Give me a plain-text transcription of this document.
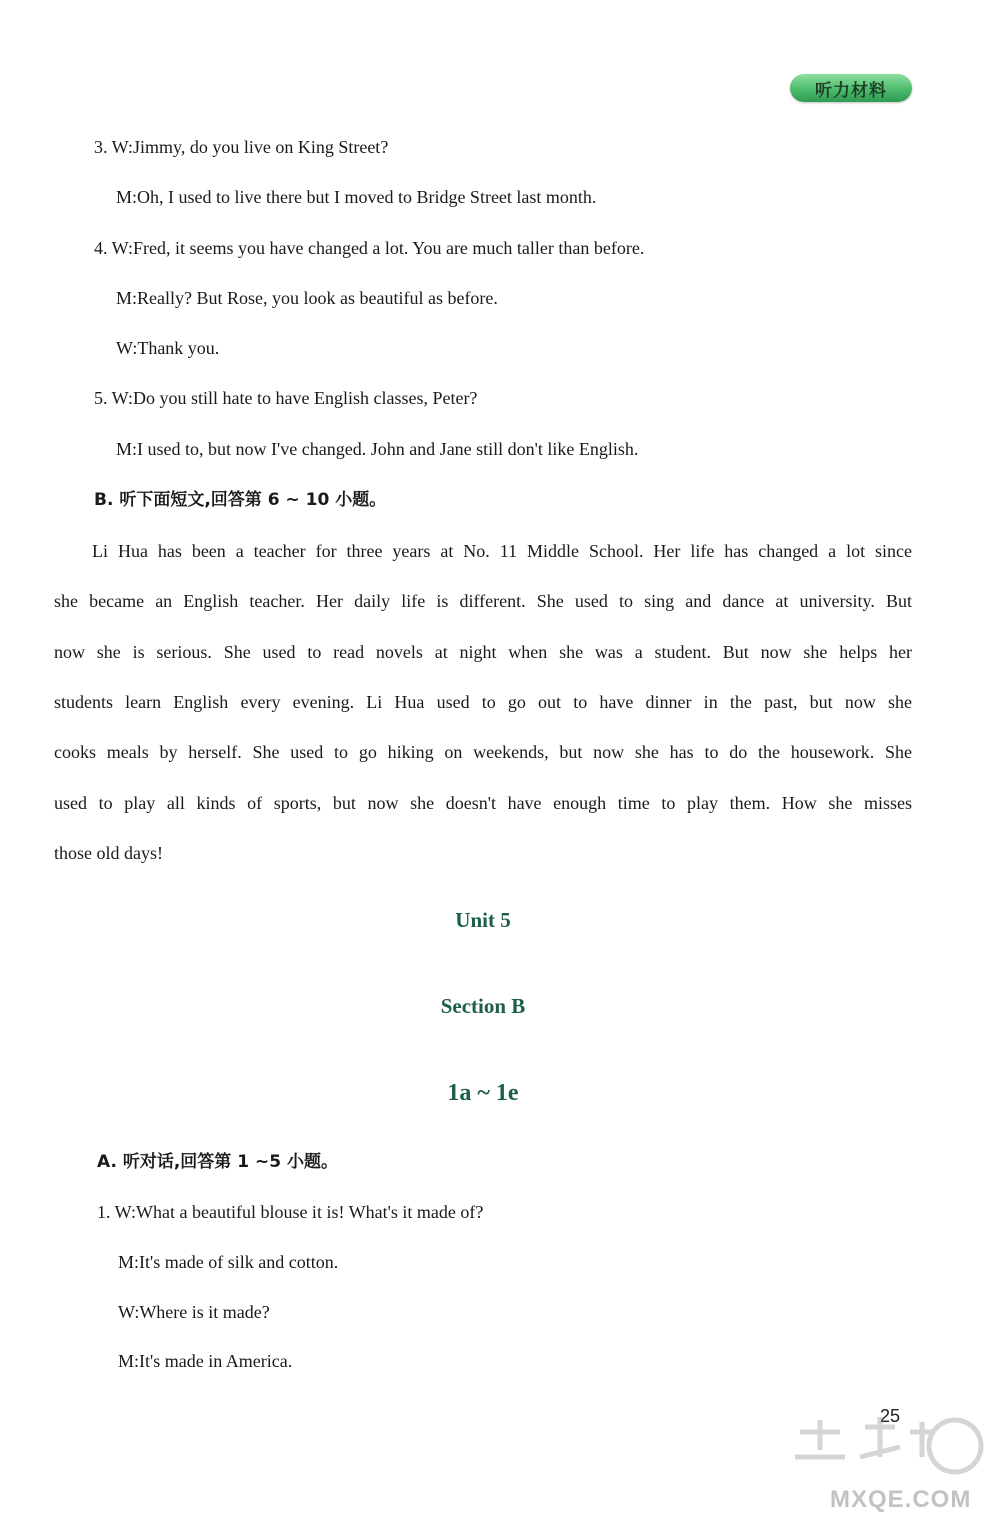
听力材料
3. W:Jimmy, do you live on King Street?
M:Oh, I used to live there but I moved to Bridge Street last month.
4. W:Fred, it seems you have changed a lot. You are much taller than before.
M:Really? But Rose, you look as beautiful as before.
W:Thank you.
5. W:Do you still hate to have English classes, Peter?
M:I used to, but now I've changed. John and Jane still don't like English.
B. 听下面短文,回答第 6 ~ 10 小题。
Li Hua has been a teacher for three years at No. 11 Middle School. Her life has changed a lot since
she became an English teacher. Her daily life is different. She used to sing and dance at university. But
now she is serious. She used to read novels at night when she was a student. But now she helps her
students learn English every evening. Li Hua used to go out to have dinner in the past, but now she
cooks meals by herself. She used to go hiking on weekends, but now she has to do the housework. She
used to play all kinds of sports, but now she doesn't have enough time to play them. How she misses
those old days!
Unit 5
Section B
1a ~ 1e
A. 听对话,回答第 1 ~5 小题。
1. W:What a beautiful blouse it is! What's it made of?
M:It's made of silk and cotton.
W:Where is it made?
M:It's made in America.
25
MXQE.COM
